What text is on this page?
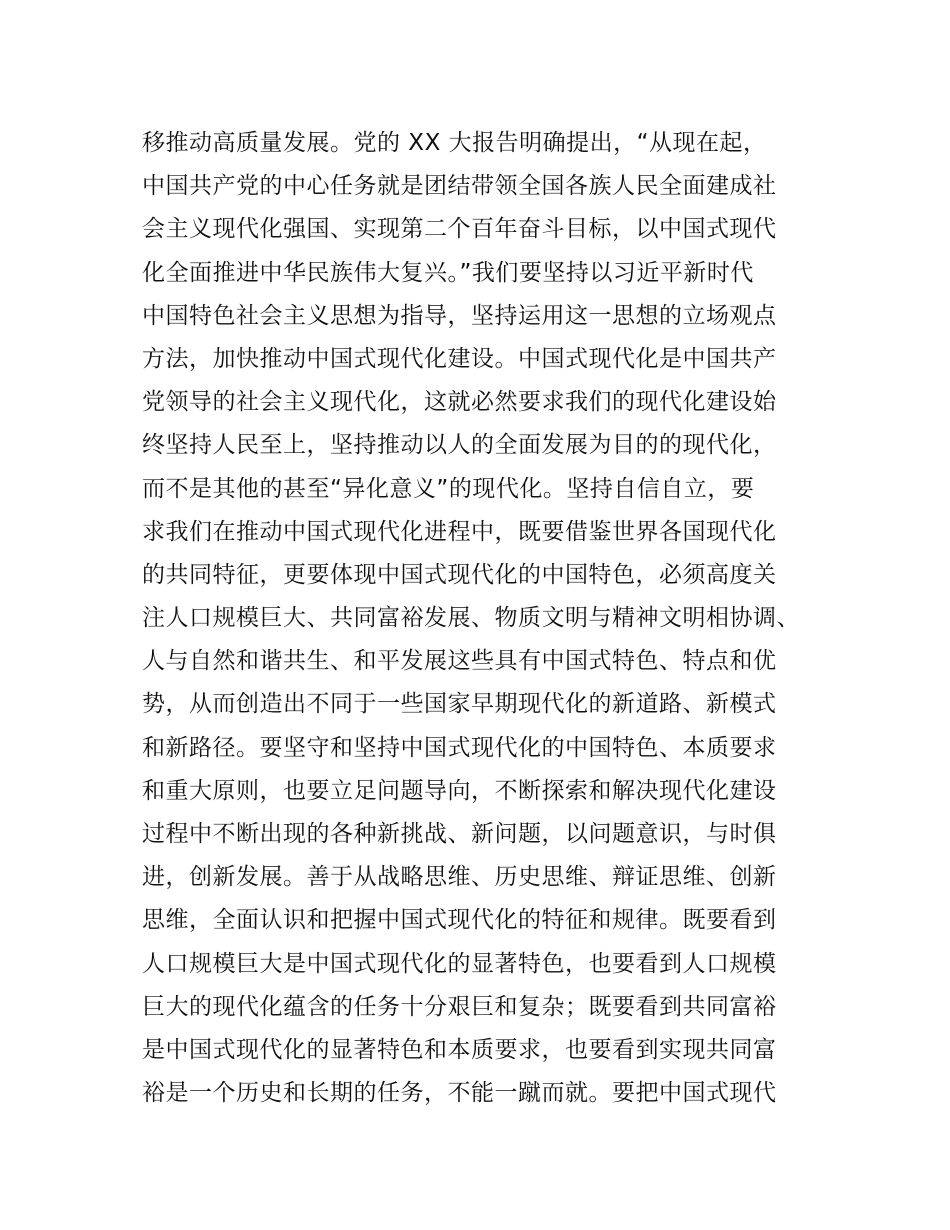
移推动高质量发展。党的 XX 大报告明确提出，“从现在起，
中国共产党的中心任务就是团结带领全国各族人民全面建成社
会主义现代化强国、实现第二个百年奋斗目标，以中国式现代
化全面推进中华民族伟大复兴。”我们要坚持以习近平新时代
中国特色社会主义思想为指导，坚持运用这一思想的立场观点
方法，加快推动中国式现代化建设。中国式现代化是中国共产
党领导的社会主义现代化，这就必然要求我们的现代化建设始
终坚持人民至上，坚持推动以人的全面发展为目的的现代化，
而不是其他的甚至“异化意义”的现代化。坚持自信自立，要
求我们在推动中国式现代化进程中，既要借鉴世界各国现代化
的共同特征，更要体现中国式现代化的中国特色，必须高度关
注人口规模巨大、共同富裕发展、物质文明与精神文明相协调、
人与自然和谐共生、和平发展这些具有中国式特色、特点和优
势，从而创造出不同于一些国家早期现代化的新道路、新模式
和新路径。要坚守和坚持中国式现代化的中国特色、本质要求
和重大原则，也要立足问题导向，不断探索和解决现代化建设
过程中不断出现的各种新挑战、新问题，以问题意识，与时俱
进，创新发展。善于从战略思维、历史思维、辩证思维、创新
思维，全面认识和把握中国式现代化的特征和规律。既要看到
人口规模巨大是中国式现代化的显著特色，也要看到人口规模
巨大的现代化蕴含的任务十分艰巨和复杂；既要看到共同富裕
是中国式现代化的显著特色和本质要求，也要看到实现共同富
裕是一个历史和长期的任务，不能一蹴而就。要把中国式现代
